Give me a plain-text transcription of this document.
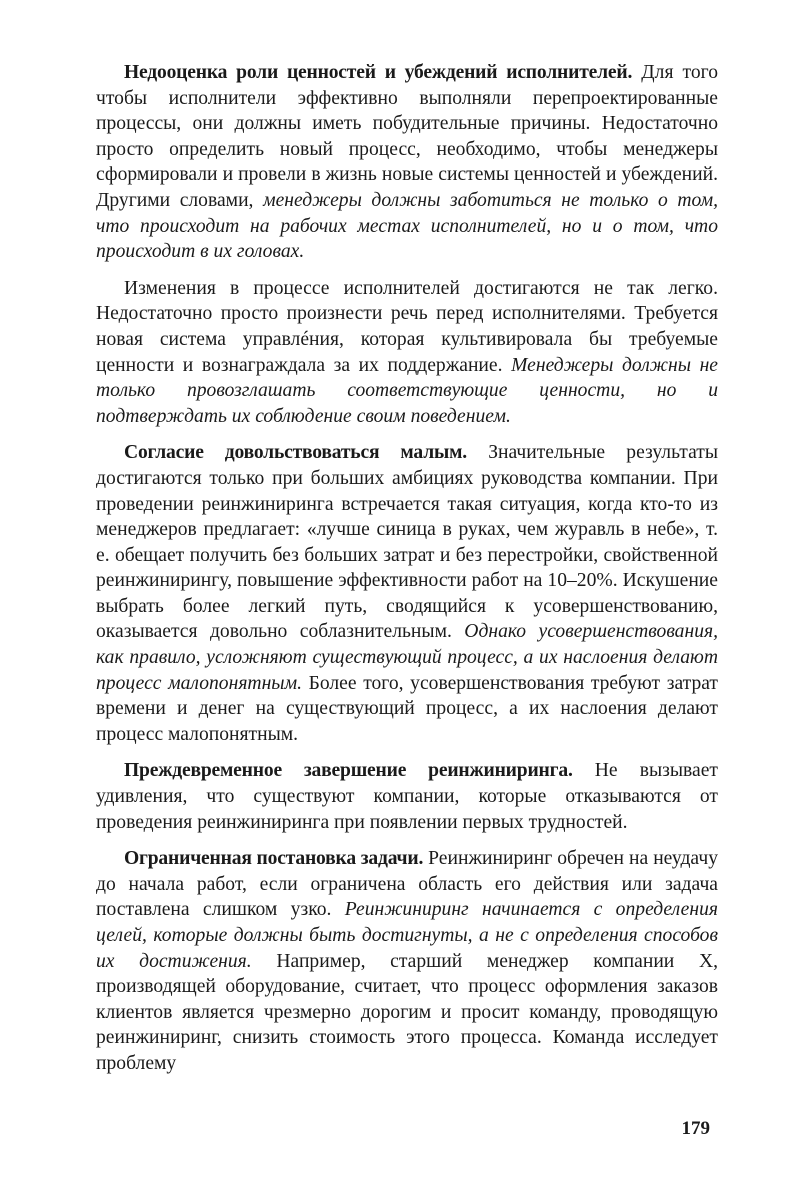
Недооценка роли ценностей и убеждений исполнителей. Для того чтобы исполнители эффективно выполняли перепроектированные процессы, они должны иметь побудительные причины. Недостаточно просто определить новый процесс, необходимо, чтобы менеджеры сформировали и провели в жизнь новые системы ценностей и убеждений. Другими словами, менеджеры должны заботиться не только о том, что происходит на рабочих местах исполнителей, но и о том, что происходит в их головах.

Изменения в процессе исполнителей достигаются не так легко. Недостаточно просто произнести речь перед исполнителями. Требуется новая система управлéния, которая культивировала бы требуемые ценности и вознаграждала за их поддержание. Менеджеры должны не только провозглашать соответствующие ценности, но и подтверждать их соблюдение своим поведением.

Согласие довольствоваться малым. Значительные результаты достигаются только при больших амбициях руководства компании. При проведении реинжиниринга встречается такая ситуация, когда кто-то из менеджеров предлагает: «лучше синица в руках, чем журавль в небе», т. е. обещает получить без больших затрат и без перестройки, свойственной реинжинирингу, повышение эффективности работ на 10–20%. Искушение выбрать более легкий путь, сводящийся к усовершенствованию, оказывается довольно соблазнительным. Однако усовершенствования, как правило, усложняют существующий процесс, а их наслоения делают процесс малопонятным. Более того, усовершенствования требуют затрат времени и денег на существующий процесс, а их наслоения делают процесс малопонятным.

Преждевременное завершение реинжиниринга. Не вызывает удивления, что существуют компании, которые отказываются от проведения реинжиниринга при появлении первых трудностей.

Ограниченная постановка задачи. Реинжиниринг обречен на неудачу до начала работ, если ограничена область его действия или задача поставлена слишком узко. Реинжиниринг начинается с определения целей, которые должны быть достигнуты, а не с определения способов их достижения. Например, старший менеджер компании X, производящей оборудование, считает, что процесс оформления заказов клиентов является чрезмерно дорогим и просит команду, проводящую реинжиниринг, снизить стоимость этого процесса. Команда исследует проблему

179
